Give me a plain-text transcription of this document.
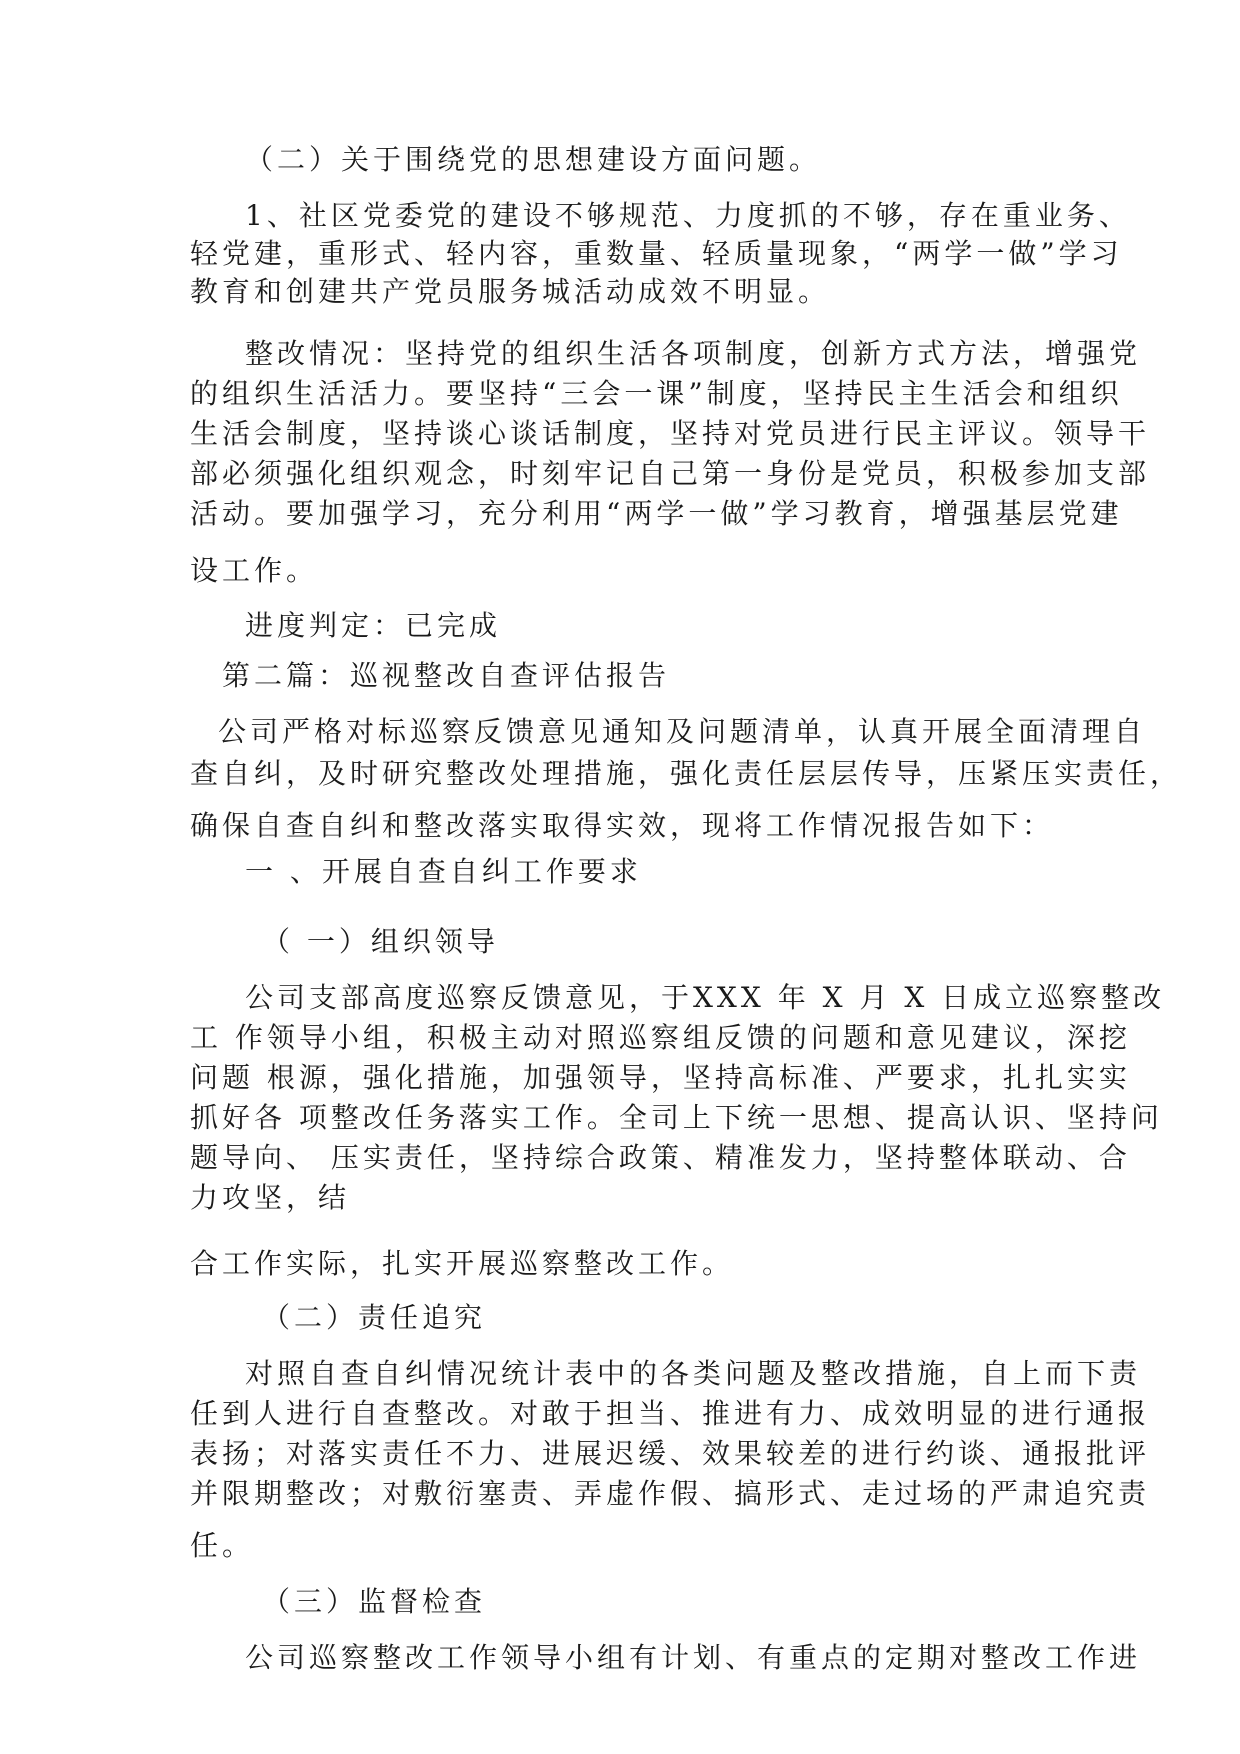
（二）关于围绕党的思想建设方面问题。
1、社区党委党的建设不够规范、力度抓的不够，存在重业务、
轻党建，重形式、轻内容，重数量、轻质量现象，“两学一做”学习
教育和创建共产党员服务城活动成效不明显。
整改情况：坚持党的组织生活各项制度，创新方式方法，增强党
的组织生活活力。要坚持“三会一课”制度，坚持民主生活会和组织
生活会制度，坚持谈心谈话制度，坚持对党员进行民主评议。领导干
部必须强化组织观念，时刻牢记自己第一身份是党员，积极参加支部
活动。要加强学习，充分利用“两学一做”学习教育，增强基层党建
设工作。
进度判定：已完成
第二篇：巡视整改自查评估报告
公司严格对标巡察反馈意见通知及问题清单，认真开展全面清理自
查自纠，及时研究整改处理措施，强化责任层层传导，压紧压实责任，
确保自查自纠和整改落实取得实效，现将工作情况报告如下：
一 、开展自查自纠工作要求
（ 一）组织领导
公司支部高度巡察反馈意见，于XXX 年 X 月 X 日成立巡察整改
工 作领导小组，积极主动对照巡察组反馈的问题和意见建议，深挖
问题 根源，强化措施，加强领导，坚持高标准、严要求，扎扎实实
抓好各 项整改任务落实工作。全司上下统一思想、提高认识、坚持问
题导向、 压实责任，坚持综合政策、精准发力，坚持整体联动、合
力攻坚，结
合工作实际，扎实开展巡察整改工作。
（二）责任追究
对照自查自纠情况统计表中的各类问题及整改措施，自上而下责
任到人进行自查整改。对敢于担当、推进有力、成效明显的进行通报
表扬；对落实责任不力、进展迟缓、效果较差的进行约谈、通报批评
并限期整改；对敷衍塞责、弄虚作假、搞形式、走过场的严肃追究责
任。
（三）监督检查
公司巡察整改工作领导小组有计划、有重点的定期对整改工作进
